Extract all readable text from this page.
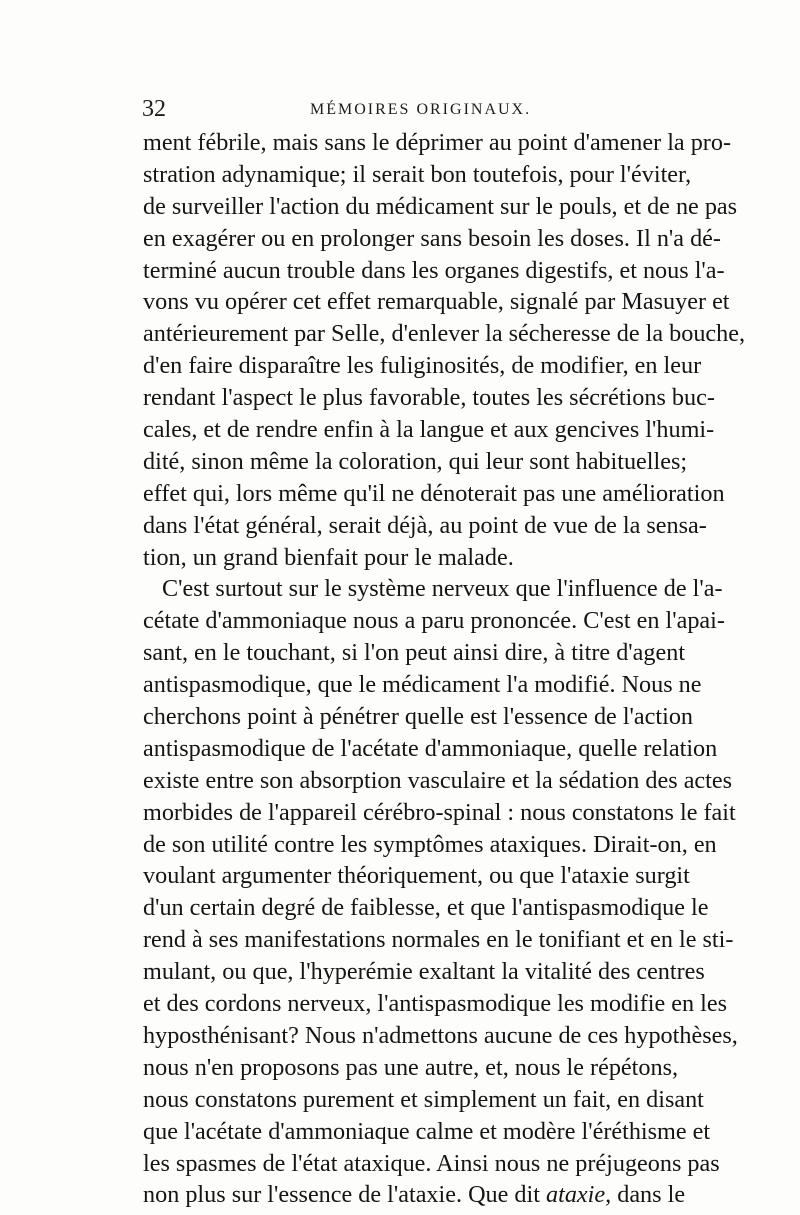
32	MÉMOIRES ORIGINAUX.
ment fébrile, mais sans le déprimer au point d'amener la pro-
stration adynamique; il serait bon toutefois, pour l'éviter,
de surveiller l'action du médicament sur le pouls, et de ne pas
en exagérer ou en prolonger sans besoin les doses. Il n'a dé-
terminé aucun trouble dans les organes digestifs, et nous l'a-
vons vu opérer cet effet remarquable, signalé par Masuyer et
antérieurement par Selle, d'enlever la sécheresse de la bouche,
d'en faire disparaître les fuliginosités, de modifier, en leur
rendant l'aspect le plus favorable, toutes les sécrétions buc-
cales, et de rendre enfin à la langue et aux gencives l'humi-
dité, sinon même la coloration, qui leur sont habituelles;
effet qui, lors même qu'il ne dénoterait pas une amélioration
dans l'état général, serait déjà, au point de vue de la sensa-
tion, un grand bienfait pour le malade.
C'est surtout sur le système nerveux que l'influence de l'a-
cétate d'ammoniaque nous a paru prononcée. C'est en l'apai-
sant, en le touchant, si l'on peut ainsi dire, à titre d'agent
antispasmodique, que le médicament l'a modifié. Nous ne
cherchons point à pénétrer quelle est l'essence de l'action
antispasmodique de l'acétate d'ammoniaque, quelle relation
existe entre son absorption vasculaire et la sédation des actes
morbides de l'appareil cérébro-spinal : nous constatons le fait
de son utilité contre les symptômes ataxiques. Dirait-on, en
voulant argumenter théoriquement, ou que l'ataxie surgit
d'un certain degré de faiblesse, et que l'antispasmodique le
rend à ses manifestations normales en le tonifiant et en le sti-
mulant, ou que, l'hyperémie exaltant la vitalité des centres
et des cordons nerveux, l'antispasmodique les modifie en les
hyposthénisant? Nous n'admettons aucune de ces hypothèses,
nous n'en proposons pas une autre, et, nous le répétons,
nous constatons purement et simplement un fait, en disant
que l'acétate d'ammoniaque calme et modère l'éréthisme et
les spasmes de l'état ataxique. Ainsi nous ne préjugeons pas
non plus sur l'essence de l'ataxie. Que dit ataxie, dans le
